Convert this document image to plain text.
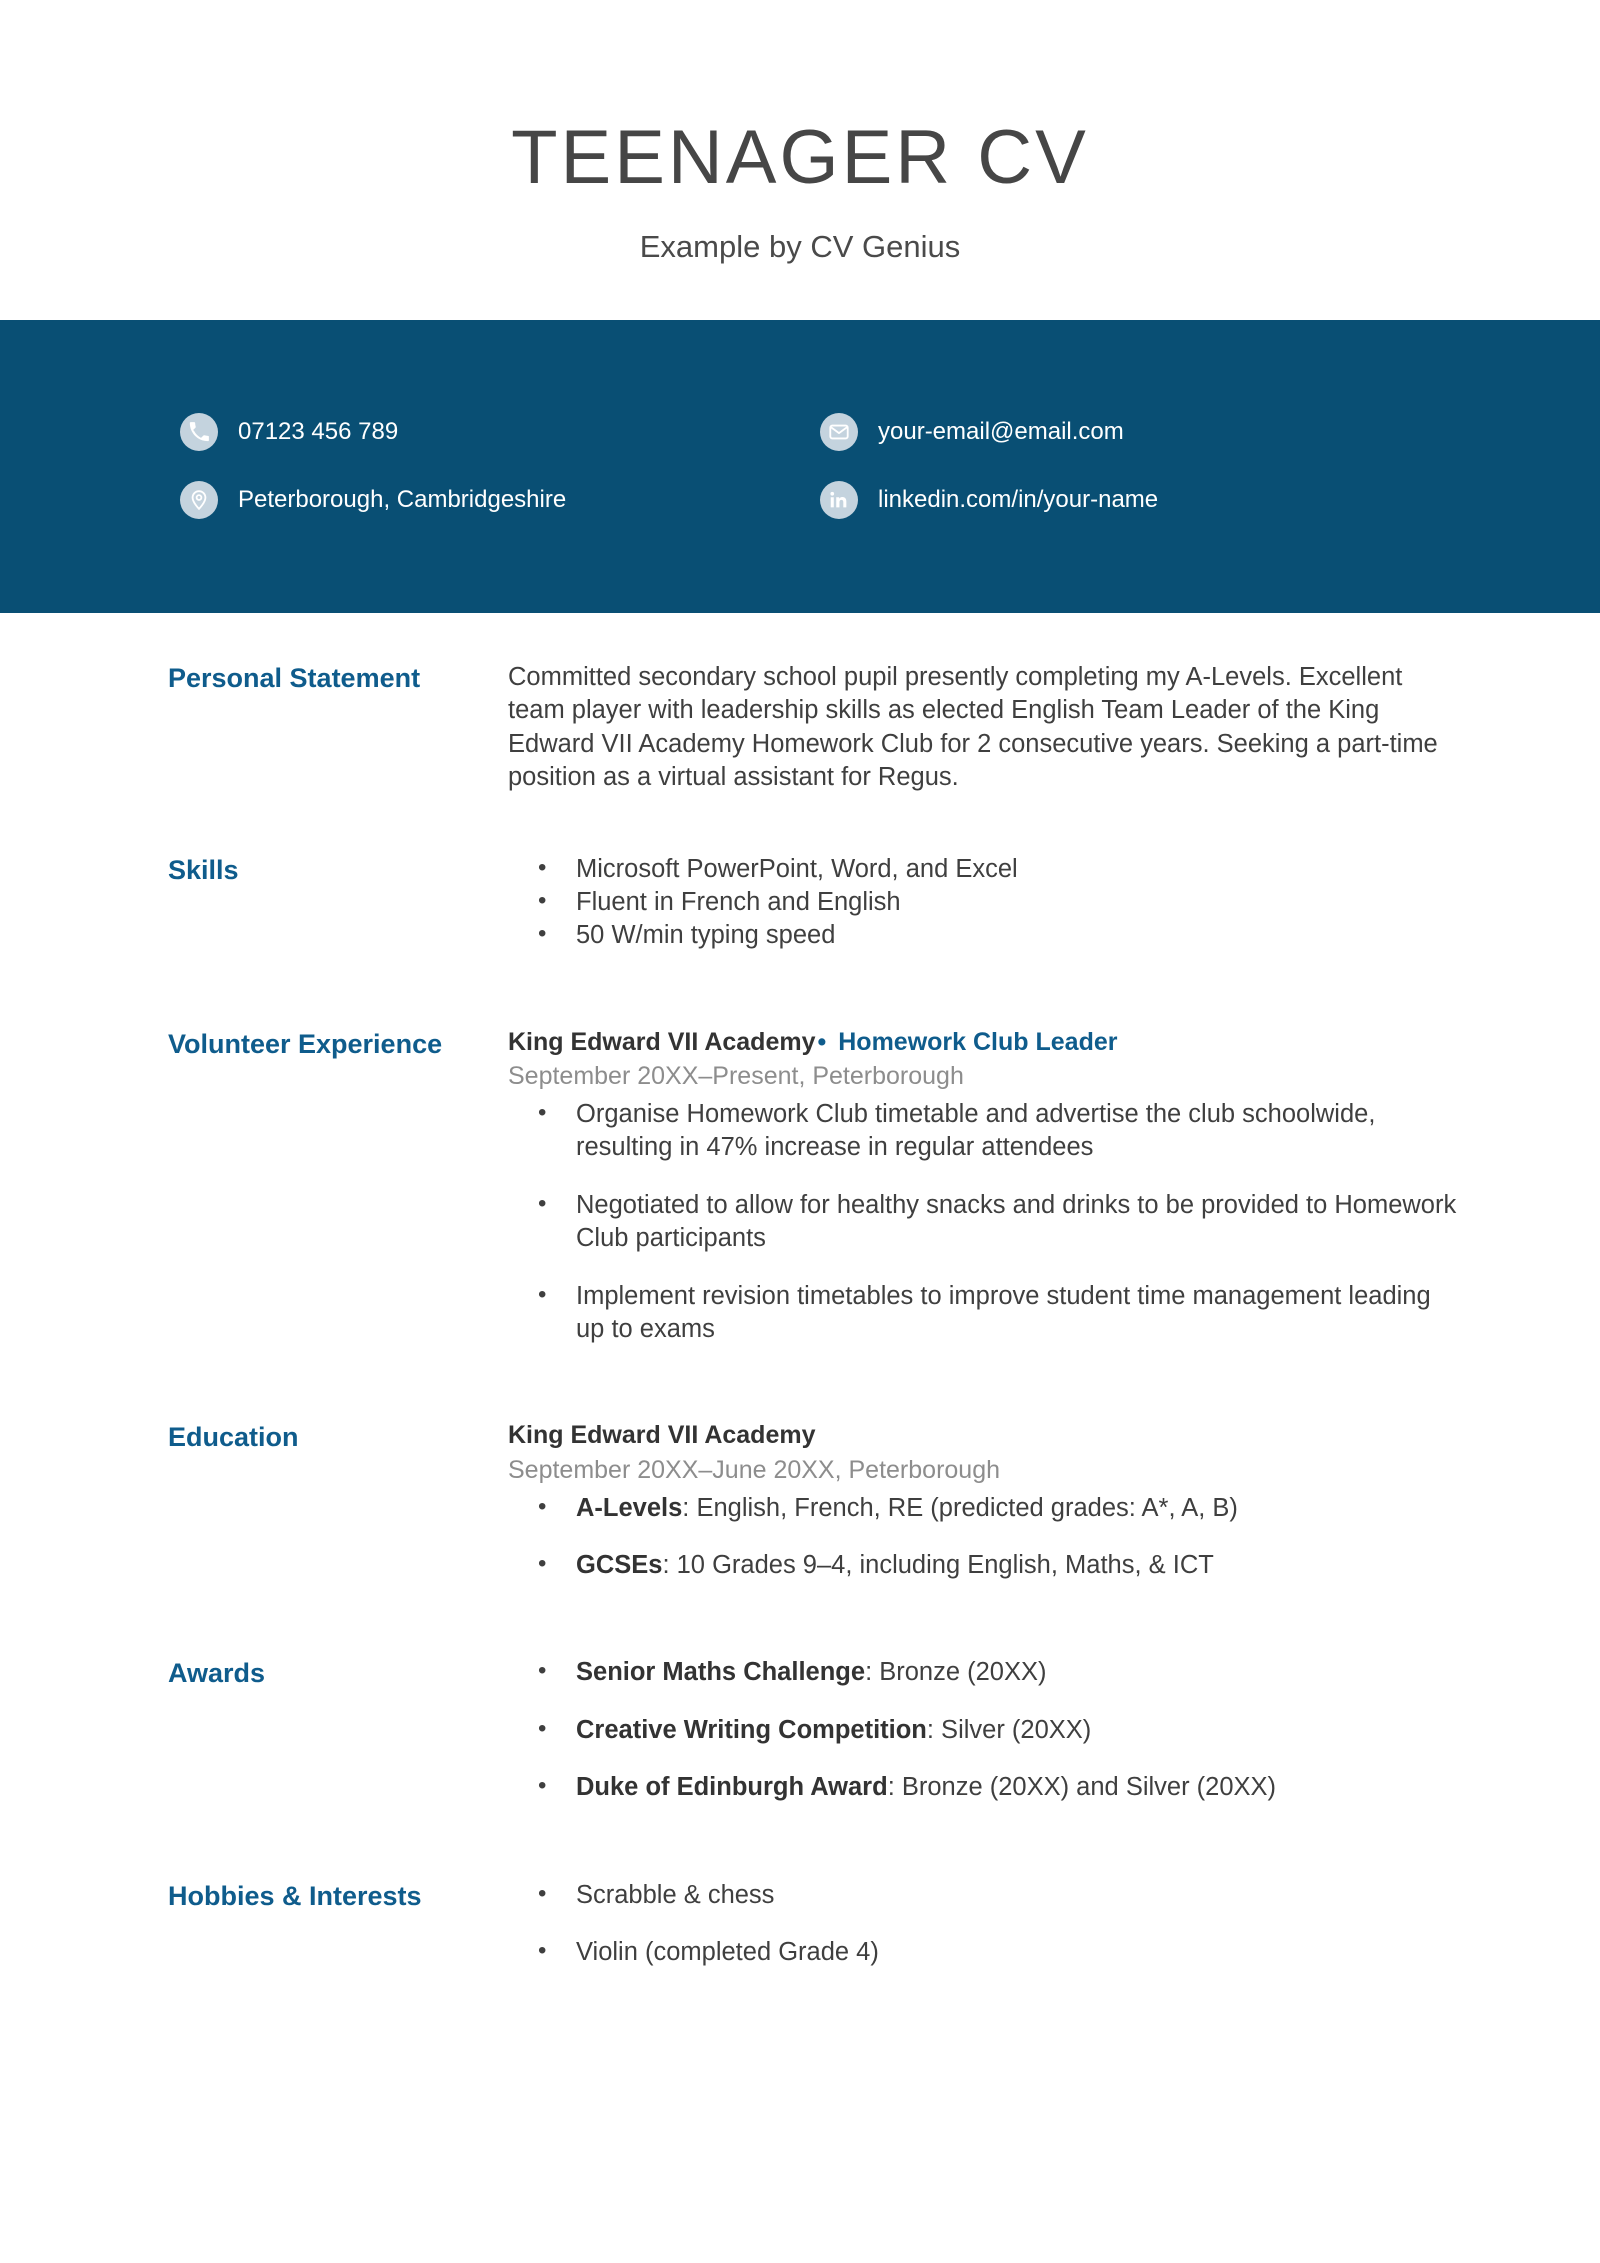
TEENAGER CV
Example by CV Genius
07123 456 789	your-email@email.com
Peterborough, Cambridgeshire	linkedin.com/in/your-name
Personal Statement	Committed secondary school pupil presently completing my A-Levels. Excellent team player with leadership skills as elected English Team Leader of the King Edward VII Academy Homework Club for 2 consecutive years. Seeking a part-time position as a virtual assistant for Regus.
Skills	• Microsoft PowerPoint, Word, and Excel
• Fluent in French and English
• 50 W/min typing speed
Volunteer Experience	King Edward VII Academy• Homework Club Leader
September 20XX–Present, Peterborough
• Organise Homework Club timetable and advertise the club schoolwide, resulting in 47% increase in regular attendees
• Negotiated to allow for healthy snacks and drinks to be provided to Homework Club participants
• Implement revision timetables to improve student time management leading up to exams
Education	King Edward VII Academy
September 20XX–June 20XX, Peterborough
• A-Levels: English, French, RE (predicted grades: A*, A, B)
• GCSEs: 10 Grades 9–4, including English, Maths, & ICT
Awards	• Senior Maths Challenge: Bronze (20XX)
• Creative Writing Competition: Silver (20XX)
• Duke of Edinburgh Award: Bronze (20XX) and Silver (20XX)
Hobbies & Interests	• Scrabble & chess
• Violin (completed Grade 4)
